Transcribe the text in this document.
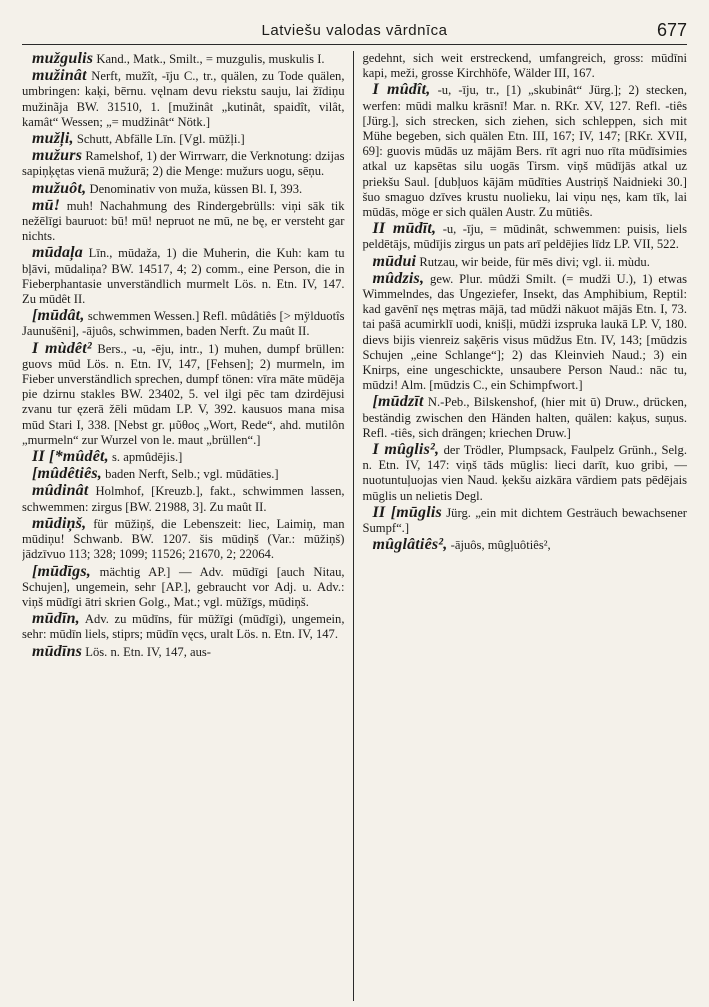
Latviešu valodas vārdnīca	677

mužgulis Kand., Matk., Smilt., = muzgulis, muskulis I.

mužinât Nerft, mužît, -īju C., tr., quälen, zu Tode quälen, umbringen: kaķi, bērnu. vęlnam devu riekstu sauju, lai žīdiņu mužinãja BW. 31510, 1. [mužinât „kutinât, spaidît, vilât, kamât“ Wessen; „= mudžinât“ Nötk.]

mužļi, Schutt, Abfälle Līn. [Vgl. mūžļi.]

mužurs Ramelshof, 1) der Wirrwarr, die Verknotung: dzijas sapiņķętas vienā mužurā; 2) die Menge: mužurs uogu, sēņu.

mužuôt, Denominativ von muža, küssen Bl. I, 393.

mū! muh! Nachahmung des Rindergebrülls: viņi sāk tik nežēlīgi bauruot: bū! mū! nepruot ne mū, ne bę, er versteht gar nichts.

mūdaļa Līn., mūdaža, 1) die Muherin, die Kuh: kam tu bļāvi, mūdaliņa? BW. 14517, 4; 2) comm., eine Person, die in Fieberphantasie unverständlich murmelt Lös. n. Etn. IV, 147. Zu mūdêt II.

[mūdât, schwemmen Wessen.] Refl. mûdâtiês [> mÿlduotîs Jaunušēni], -ājuôs, schwimmen, baden Nerft. Zu maût II.

I mùdêt² Bers., -u, -ēju, intr., 1) muhen, dumpf brüllen: guovs mūd Lös. n. Etn. IV, 147, [Fehsen]; 2) murmeln, im Fieber unverständlich sprechen, dumpf tönen: vīra māte mūdēja pie dzirnu stakles BW. 23402, 5. vel ilgi pēc tam dzirdējusi zvanu tur ęzerā žēli mūdam LP. V, 392. kausuos mana misa mūd Stari I, 338. [Nebst gr. μῦθος „Wort, Rede“, ahd. mutilôn „murmeln“ zur Wurzel von le. maut „brüllen“.]

II [*mûdêt, s. apmûdējis.]

[mûdêtiês, baden Nerft, Selb.; vgl. mūdāties.]

mûdinât Holmhof, [Kreuzb.], fakt., schwimmen lassen, schwemmen: zirgus [BW. 21988, 3]. Zu maût II.

mūdiņš, für mūžiņš, die Lebenszeit: liec, Laimiņ, man mūdiņu! Schwanb. BW. 1207. šis mūdiņš (Var.: mūžiņš) jādzīvuo 113; 328; 1099; 11526; 21670, 2; 22064.

[mūdīgs, mächtig AP.] — Adv. mūdīgi [auch Nitau, Schujen], ungemein, sehr [AP.], gebraucht vor Adj. u. Adv.: viņš mūdīgi ātri skrien Golg., Mat.; vgl. mūžīgs, mūdiņš.

mūdīn, Adv. zu mūdīns, für mūžīgi (mūdīgi), ungemein, sehr: mūdīn liels, stiprs; mūdīn vęcs, uralt Lös. n. Etn. IV, 147.

mūdīns Lös. n. Etn. IV, 147, aus-

gedehnt, sich weit erstreckend, umfangreich, gross: mūdīni kapi, meži, grosse Kirchhöfe, Wälder III, 167.

I mûdît, -u, -īju, tr., [1) „skubinât“ Jürg.]; 2) stecken, werfen: mūdi malku krāsnī! Mar. n. RKr. XV, 127. Refl. -tiês [Jürg.], sich strecken, sich ziehen, sich schleppen, sich mit Mühe begeben, sich quälen Etn. III, 167; IV, 147; [RKr. XVII, 69]: guovis mūdās uz mājām Bers. rīt agri nuo rīta mūdīsimies atkal uz kapsētas silu uogās Tirsm. viņš mūdījās atkal uz priekšu Saul. [dubļuos kājām mūdīties Austriņš Naidnieki 30.] šuo smaguo dzīves krustu nuolieku, lai viņu nęs, kam tīk, lai mūdās, möge er sich quälen Austr. Zu mūtiês.

II mūdīt, -u, -īju, = mūdinât, schwemmen: puisis, liels peldētājs, mūdījis zirgus un pats arī peldējies līdz LP. VII, 522.

mūdui Rutzau, wir beide, für mēs divi; vgl. ii. mùdu.

mûdzis, gew. Plur. mûdži Smilt. (= mudži U.), 1) etwas Wimmelndes, das Ungeziefer, Insekt, das Amphibium, Reptil: kad gavēnī nęs mętras mājā, tad mūdži nākuot mājās Etn. I, 73. tai pašā acumirklī uodi, knišļi, mūdži izspruka laukā LP. V, 180. dievs bijis vienreiz saķēris visus mūdžus Etn. IV, 143; [mūdzis Schujen „eine Schlange“]; 2) das Kleinvieh Naud.; 3) ein Knirps, eine ungeschickte, unsaubere Person Naud.: nāc tu, mūdzi! Alm. [mūdzis C., ein Schimpfwort.]

[mūdzīt N.-Peb., Bilskenshof, (hier mit ū) Druw., drücken, beständig zwischen den Händen halten, quälen: kaķus, suņus. Refl. -tiês, sich drängen; kriechen Druw.]

I mûglis², der Trödler, Plumpsack, Faulpelz Grünh., Selg. n. Etn. IV, 147: viņš tāds mūglis: lieci darīt, kuo gribi, — nuotuntuļuojas vien Naud. ķekšu aizkāra vārdiem pats pēdējais mūglis un nelietis Degl.

II [mūglis Jürg. „ein mit dichtem Gesträuch bewachsener Sumpf“.]

mûglâtiês², -ājuôs, mûgļuôtiês²,
